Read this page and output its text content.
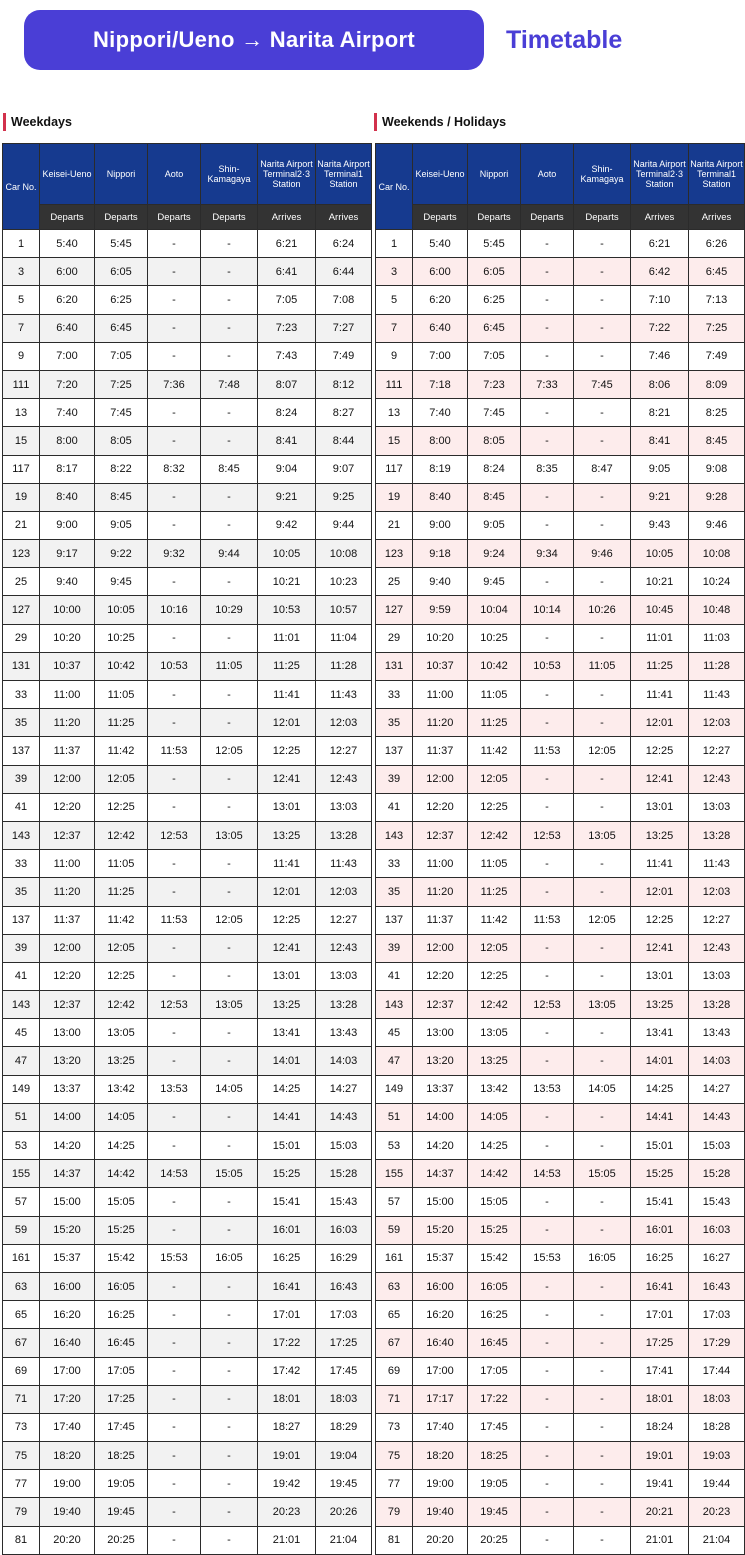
Nippori/Ueno → Narita Airport	Timetable
Weekdays	Weekends / Holidays
Car No.	Keisei-Ueno	Nippori	Aoto	Shin-Kamagaya	Narita Airport Terminal2·3 Station	Narita Airport Terminal1 Station
	Departs	Departs	Departs	Departs	Arrives	Arrives
1	5:40	5:45	-	-	6:21	6:24
3	6:00	6:05	-	-	6:41	6:44
5	6:20	6:25	-	-	7:05	7:08
7	6:40	6:45	-	-	7:23	7:27
9	7:00	7:05	-	-	7:43	7:49
111	7:20	7:25	7:36	7:48	8:07	8:12
13	7:40	7:45	-	-	8:24	8:27
15	8:00	8:05	-	-	8:41	8:44
117	8:17	8:22	8:32	8:45	9:04	9:07
19	8:40	8:45	-	-	9:21	9:25
21	9:00	9:05	-	-	9:42	9:44
123	9:17	9:22	9:32	9:44	10:05	10:08
25	9:40	9:45	-	-	10:21	10:23
127	10:00	10:05	10:16	10:29	10:53	10:57
29	10:20	10:25	-	-	11:01	11:04
131	10:37	10:42	10:53	11:05	11:25	11:28
33	11:00	11:05	-	-	11:41	11:43
35	11:20	11:25	-	-	12:01	12:03
137	11:37	11:42	11:53	12:05	12:25	12:27
39	12:00	12:05	-	-	12:41	12:43
41	12:20	12:25	-	-	13:01	13:03
143	12:37	12:42	12:53	13:05	13:25	13:28
33	11:00	11:05	-	-	11:41	11:43
35	11:20	11:25	-	-	12:01	12:03
137	11:37	11:42	11:53	12:05	12:25	12:27
39	12:00	12:05	-	-	12:41	12:43
41	12:20	12:25	-	-	13:01	13:03
143	12:37	12:42	12:53	13:05	13:25	13:28
45	13:00	13:05	-	-	13:41	13:43
47	13:20	13:25	-	-	14:01	14:03
149	13:37	13:42	13:53	14:05	14:25	14:27
51	14:00	14:05	-	-	14:41	14:43
53	14:20	14:25	-	-	15:01	15:03
155	14:37	14:42	14:53	15:05	15:25	15:28
57	15:00	15:05	-	-	15:41	15:43
59	15:20	15:25	-	-	16:01	16:03
161	15:37	15:42	15:53	16:05	16:25	16:29
63	16:00	16:05	-	-	16:41	16:43
65	16:20	16:25	-	-	17:01	17:03
67	16:40	16:45	-	-	17:22	17:25
69	17:00	17:05	-	-	17:42	17:45
71	17:20	17:25	-	-	18:01	18:03
73	17:40	17:45	-	-	18:27	18:29
75	18:20	18:25	-	-	19:01	19:04
77	19:00	19:05	-	-	19:42	19:45
79	19:40	19:45	-	-	20:23	20:26
81	20:20	20:25	-	-	21:01	21:04
Car No.	Keisei-Ueno	Nippori	Aoto	Shin-Kamagaya	Narita Airport Terminal2·3 Station	Narita Airport Terminal1 Station
	Departs	Departs	Departs	Departs	Arrives	Arrives
1	5:40	5:45	-	-	6:21	6:26
3	6:00	6:05	-	-	6:42	6:45
5	6:20	6:25	-	-	7:10	7:13
7	6:40	6:45	-	-	7:22	7:25
9	7:00	7:05	-	-	7:46	7:49
111	7:18	7:23	7:33	7:45	8:06	8:09
13	7:40	7:45	-	-	8:21	8:25
15	8:00	8:05	-	-	8:41	8:45
117	8:19	8:24	8:35	8:47	9:05	9:08
19	8:40	8:45	-	-	9:21	9:28
21	9:00	9:05	-	-	9:43	9:46
123	9:18	9:24	9:34	9:46	10:05	10:08
25	9:40	9:45	-	-	10:21	10:24
127	9:59	10:04	10:14	10:26	10:45	10:48
29	10:20	10:25	-	-	11:01	11:03
131	10:37	10:42	10:53	11:05	11:25	11:28
33	11:00	11:05	-	-	11:41	11:43
35	11:20	11:25	-	-	12:01	12:03
137	11:37	11:42	11:53	12:05	12:25	12:27
39	12:00	12:05	-	-	12:41	12:43
41	12:20	12:25	-	-	13:01	13:03
143	12:37	12:42	12:53	13:05	13:25	13:28
33	11:00	11:05	-	-	11:41	11:43
35	11:20	11:25	-	-	12:01	12:03
137	11:37	11:42	11:53	12:05	12:25	12:27
39	12:00	12:05	-	-	12:41	12:43
41	12:20	12:25	-	-	13:01	13:03
143	12:37	12:42	12:53	13:05	13:25	13:28
45	13:00	13:05	-	-	13:41	13:43
47	13:20	13:25	-	-	14:01	14:03
149	13:37	13:42	13:53	14:05	14:25	14:27
51	14:00	14:05	-	-	14:41	14:43
53	14:20	14:25	-	-	15:01	15:03
155	14:37	14:42	14:53	15:05	15:25	15:28
57	15:00	15:05	-	-	15:41	15:43
59	15:20	15:25	-	-	16:01	16:03
161	15:37	15:42	15:53	16:05	16:25	16:27
63	16:00	16:05	-	-	16:41	16:43
65	16:20	16:25	-	-	17:01	17:03
67	16:40	16:45	-	-	17:25	17:29
69	17:00	17:05	-	-	17:41	17:44
71	17:17	17:22	-	-	18:01	18:03
73	17:40	17:45	-	-	18:24	18:28
75	18:20	18:25	-	-	19:01	19:03
77	19:00	19:05	-	-	19:41	19:44
79	19:40	19:45	-	-	20:21	20:23
81	20:20	20:25	-	-	21:01	21:04
